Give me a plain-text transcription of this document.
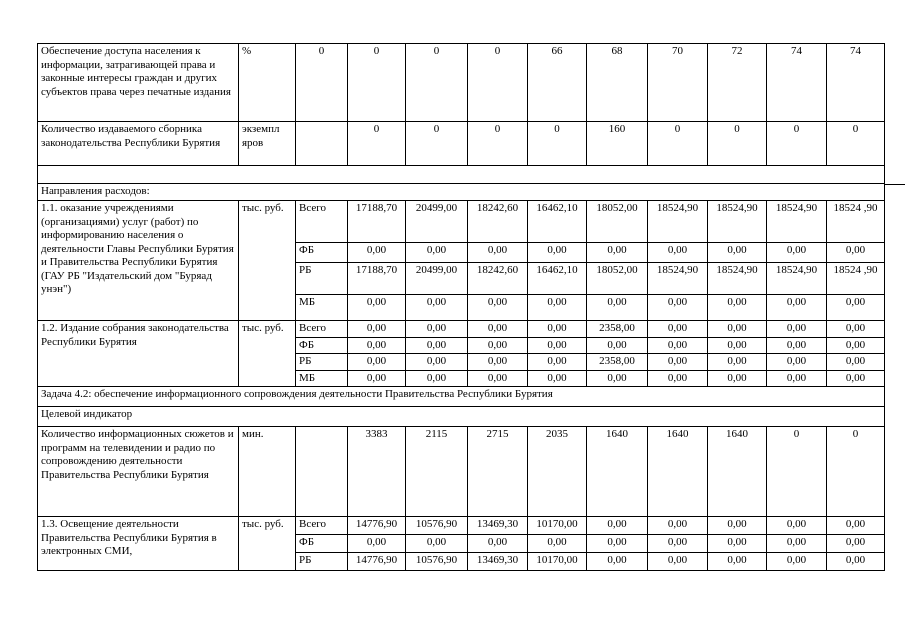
Обеспечение доступа населения к информации, затрагивающей права и законные интересы граждан и других субъектов права через печатные издания	%	0	0	0	0	66	68	70	72	74	74
Количество издаваемого сборника законодательства Республики Бурятия	экземпл яров		0	0	0	0	160	0	0	0	0

Направления расходов:											
1.1. оказание учреждениями (организациями) услуг (работ) по информированию населения о деятельности Главы Республики Бурятия и Правительства Республики Бурятия (ГАУ РБ "Издательский дом "Буряад унэн")	тыс. руб.	Всего	17188,70	20499,00	18242,60	16462,10	18052,00	18524,90	18524,90	18524,90	18524 ,90
		ФБ	0,00	0,00	0,00	0,00	0,00	0,00	0,00	0,00	0,00
		РБ	17188,70	20499,00	18242,60	16462,10	18052,00	18524,90	18524,90	18524,90	18524 ,90
		МБ	0,00	0,00	0,00	0,00	0,00	0,00	0,00	0,00	0,00
1.2. Издание собрания законодательства Республики Бурятия	тыс. руб.	Всего	0,00	0,00	0,00	0,00	2358,00	0,00	0,00	0,00	0,00
		ФБ	0,00	0,00	0,00	0,00	0,00	0,00	0,00	0,00	0,00
		РБ	0,00	0,00	0,00	0,00	2358,00	0,00	0,00	0,00	0,00
		МБ	0,00	0,00	0,00	0,00	0,00	0,00	0,00	0,00	0,00
Задача 4.2: обеспечение информационного сопровождения деятельности Правительства Республики Бурятия											
Целевой индикатор											
Количество информационных сюжетов и программ на телевидении и радио по сопровождению деятельности Правительства Республики Бурятия	мин.		3383	2115	2715	2035	1640	1640	1640	0	0
1.3. Освещение деятельности Правительства Республики Бурятия в электронных СМИ,	тыс. руб.	Всего	14776,90	10576,90	13469,30	10170,00	0,00	0,00	0,00	0,00	0,00
		ФБ	0,00	0,00	0,00	0,00	0,00	0,00	0,00	0,00	0,00
		РБ	14776,90	10576,90	13469,30	10170,00	0,00	0,00	0,00	0,00	0,00
